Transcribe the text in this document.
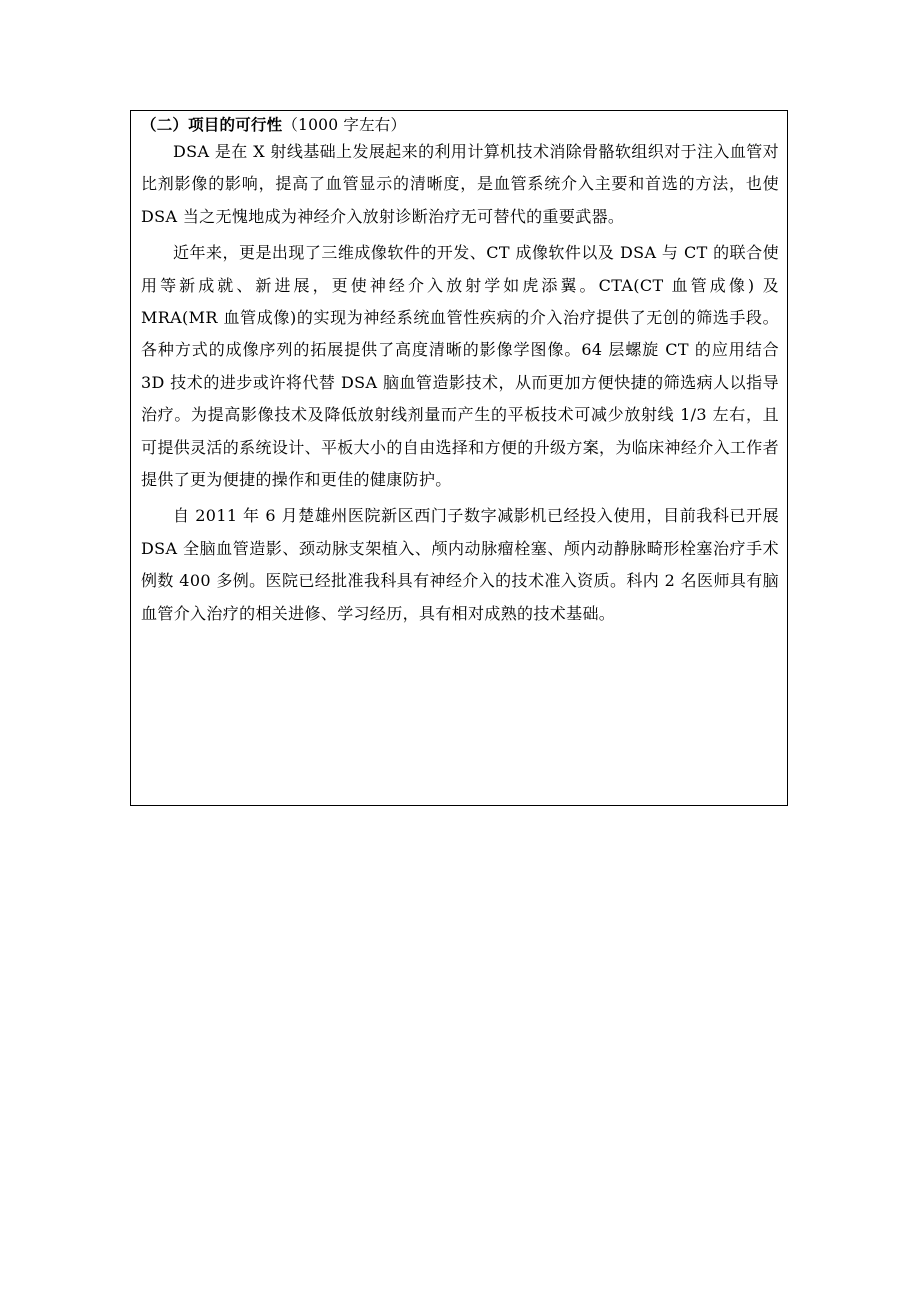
（二）项目的可行性（1000 字左右）

DSA 是在 X 射线基础上发展起来的利用计算机技术消除骨骼软组织对于注入血管对比剂影像的影响，提高了血管显示的清晰度，是血管系统介入主要和首选的方法，也使 DSA 当之无愧地成为神经介入放射诊断治疗无可替代的重要武器。

近年来，更是出现了三维成像软件的开发、CT 成像软件以及 DSA 与 CT 的联合使用等新成就、新进展，更使神经介入放射学如虎添翼。CTA(CT 血管成像) 及 MRA(MR 血管成像)的实现为神经系统血管性疾病的介入治疗提供了无创的筛选手段。各种方式的成像序列的拓展提供了高度清晰的影像学图像。64 层螺旋 CT 的应用结合 3D 技术的进步或许将代替 DSA 脑血管造影技术，从而更加方便快捷的筛选病人以指导治疗。为提高影像技术及降低放射线剂量而产生的平板技术可减少放射线 1/3 左右，且可提供灵活的系统设计、平板大小的自由选择和方便的升级方案，为临床神经介入工作者提供了更为便捷的操作和更佳的健康防护。

自 2011 年 6 月楚雄州医院新区西门子数字减影机已经投入使用，目前我科已开展 DSA 全脑血管造影、颈动脉支架植入、颅内动脉瘤栓塞、颅内动静脉畸形栓塞治疗手术例数 400 多例。医院已经批准我科具有神经介入的技术准入资质。科内 2 名医师具有脑血管介入治疗的相关进修、学习经历，具有相对成熟的技术基础。
